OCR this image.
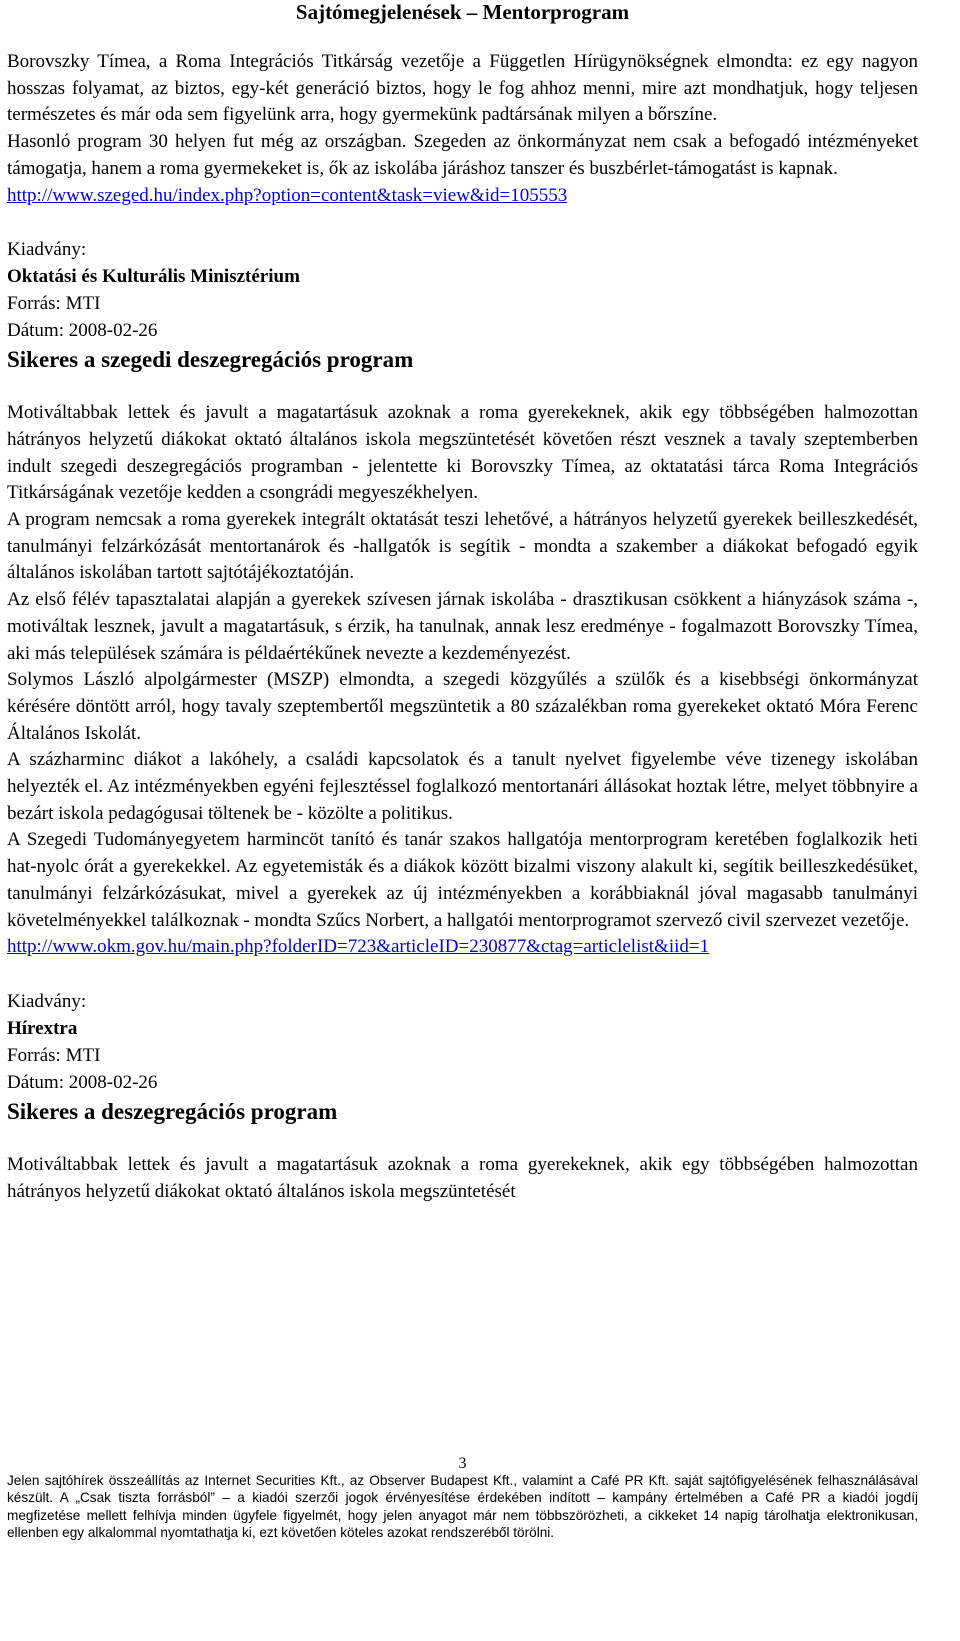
Sajtómegjelenések – Mentorprogram

Borovszky Tímea, a Roma Integrációs Titkárság vezetője a Független Hírügynökségnek elmondta: ez egy nagyon hosszas folyamat, az biztos, egy-két generáció biztos, hogy le fog ahhoz menni, mire azt mondhatjuk, hogy teljesen természetes és már oda sem figyelünk arra, hogy gyermekünk padtársának milyen a bőrszíne.

Hasonló program 30 helyen fut még az országban. Szegeden az önkormányzat nem csak a befogadó intézményeket támogatja, hanem a roma gyermekeket is, ők az iskolába járáshoz tanszer és buszbérlet-támogatást is kapnak.

http://www.szeged.hu/index.php?option=content&task=view&id=105553

Kiadvány:
Oktatási és Kulturális Minisztérium
Forrás: MTI
Dátum: 2008-02-26
Sikeres a szegedi deszegregációs program

Motiváltabbak lettek és javult a magatartásuk azoknak a roma gyerekeknek, akik egy többségében halmozottan hátrányos helyzetű diákokat oktató általános iskola megszüntetését követően részt vesznek a tavaly szeptemberben indult szegedi deszegregációs programban - jelentette ki Borovszky Tímea, az oktatatási tárca Roma Integrációs Titkárságának vezetője kedden a csongrádi megyeszékhelyen.

A program nemcsak a roma gyerekek integrált oktatását teszi lehetővé, a hátrányos helyzetű gyerekek beilleszkedését, tanulmányi felzárkózását mentortanárok és -hallgatók is segítik - mondta a szakember a diákokat befogadó egyik általános iskolában tartott sajtótájékoztatóján.

Az első félév tapasztalatai alapján a gyerekek szívesen járnak iskolába - drasztikusan csökkent a hiányzások száma -, motiváltak lesznek, javult a magatartásuk, s érzik, ha tanulnak, annak lesz eredménye - fogalmazott Borovszky Tímea, aki más települések számára is példaértékűnek nevezte a kezdeményezést.

Solymos László alpolgármester (MSZP) elmondta, a szegedi közgyűlés a szülők és a kisebbségi önkormányzat kérésére döntött arról, hogy tavaly szeptembertől megszüntetik a 80 százalékban roma gyerekeket oktató Móra Ferenc Általános Iskolát.

A százharminc diákot a lakóhely, a családi kapcsolatok és a tanult nyelvet figyelembe véve tizenegy iskolában helyezték el. Az intézményekben egyéni fejlesztéssel foglalkozó mentortanári állásokat hoztak létre, melyet többnyire a bezárt iskola pedagógusai töltenek be - közölte a politikus.

A Szegedi Tudományegyetem harmincöt tanító és tanár szakos hallgatója mentorprogram keretében foglalkozik heti hat-nyolc órát a gyerekekkel. Az egyetemisták és a diákok között bizalmi viszony alakult ki, segítik beilleszkedésüket, tanulmányi felzárkózásukat, mivel a gyerekek az új intézményekben a korábbiaknál jóval magasabb tanulmányi követelményekkel találkoznak - mondta Szűcs Norbert, a hallgatói mentorprogramot szervező civil szervezet vezetője.

http://www.okm.gov.hu/main.php?folderID=723&articleID=230877&ctag=articlelist&iid=1

Kiadvány:
Hírextra
Forrás: MTI
Dátum: 2008-02-26
Sikeres a deszegregációs program

Motiváltabbak lettek és javult a magatartásuk azoknak a roma gyerekeknek, akik egy többségében halmozottan hátrányos helyzetű diákokat oktató általános iskola megszüntetését

3
Jelen sajtóhírek összeállítás az Internet Securities Kft., az Observer Budapest Kft., valamint a Café PR Kft. saját sajtófigyelésének felhasználásával készült. A „Csak tiszta forrásból” – a kiadói szerzői jogok érvényesítése érdekében indított – kampány értelmében a Café PR a kiadói jogdíj megfizetése mellett felhívja minden ügyfele figyelmét, hogy jelen anyagot már nem többszörözheti, a cikkeket 14 napig tárolhatja elektronikusan, ellenben egy alkalommal nyomtathatja ki, ezt követően köteles azokat rendszeréből törölni.
